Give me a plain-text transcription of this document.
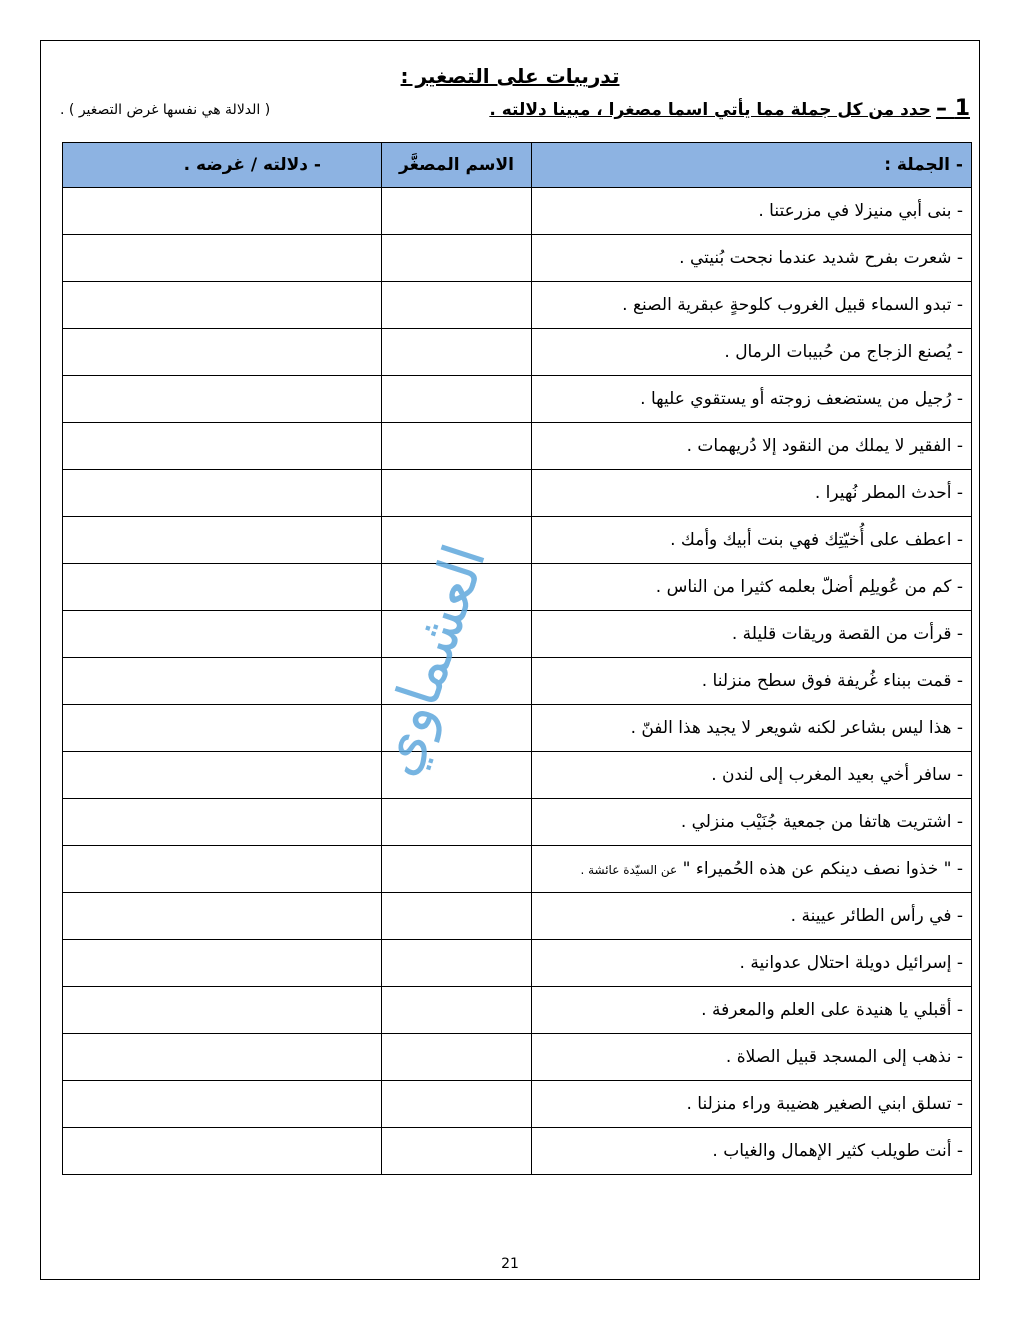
تدريبات على التصغير :
1 – حدد من كل جملة مما يأتي اسما مصغرا ، مبينا دلالته .
( الدلالة هي نفسها غرض التصغير ) .
- الجملة :	الاسم المصغَّر	- دلالته / غرضه .
- بنى أبي منيزلا في مزرعتنا .		
- شعرت بفرح شديد عندما نجحت بُنيتي .		
- تبدو السماء قبيل الغروب كلوحةٍ عبقرية الصنع .		
- يُصنع الزجاج من حُبيبات الرمال .		
- رُجيل من يستضعف زوجته أو يستقوي عليها .		
- الفقير لا يملك من النقود إلا دُريهمات .		
- أحدث المطر نُهيرا .		
- اعطف على أُخيّتِك فهي بنت أبيك وأمك .		
- كم من عُويلِم أضلّ بعلمه كثيرا من الناس .		
- قرأت من القصة وريقات قليلة .		
- قمت ببناء غُريفة فوق سطح منزلنا .		
- هذا ليس بشاعر لكنه شويعر لا يجيد هذا الفنّ .		
- سافر أخي بعيد المغرب إلى لندن .		
- اشتريت هاتفا من جمعية جُنَيْب منزلي .		
- " خذوا نصف دينكم عن هذه الحُميراء " عن السيّدة عائشة .		
- في رأس الطائر عيينة .		
- إسرائيل دويلة احتلال عدوانية .		
- أقبلي يا هنيدة على العلم والمعرفة .		
- نذهب إلى المسجد قبيل الصلاة .		
- تسلق ابني الصغير هضيبة وراء منزلنا .		
- أنت طويلب كثير الإهمال والغياب .		
العشماوي
21
